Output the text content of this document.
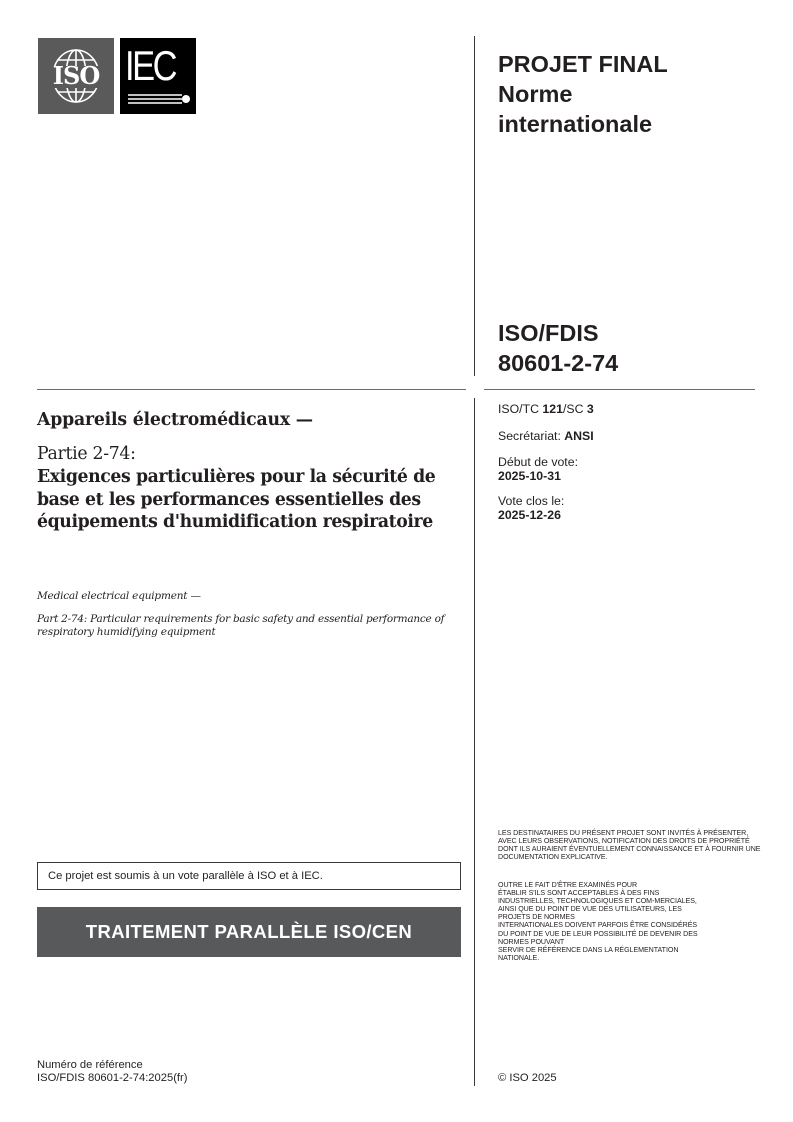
ISO IEC	PROJET FINAL
Norme
internationale
ISO/FDIS
80601-2-74
ISO/TC 121/SC 3
Secrétariat: ANSI
Début de vote:
2025-10-31
Vote clos le:
2025-12-26
Appareils électromédicaux —
Partie 2-74:
Exigences particulières pour la sécurité de base et les performances essentielles des équipements d'humidification respiratoire
Medical electrical equipment —
Part 2-74: Particular requirements for basic safety and essential performance of respiratory humidifying equipment
LES DESTINATAIRES DU PRÉSENT PROJET SONT INVITÉS À PRÉSENTER, AVEC LEURS OBSERVATIONS, NOTIFICATION DES DROITS DE PROPRIÉTÉ DONT ILS AURAIENT ÉVENTUELLEMENT CONNAISSANCE ET À FOURNIR UNE DOCUMENTATION EXPLICATIVE.
OUTRE LE FAIT D'ÊTRE EXAMINÉS POUR
ÉTABLIR S'ILS SONT ACCEPTABLES À DES FINS
INDUSTRIELLES, TECHNOLOGIQUES ET COM-MERCIALES,
AINSI QUE DU POINT DE VUE DES UTILISATEURS, LES
PROJETS DE NORMES
INTERNATIONALES DOIVENT PARFOIS ÊTRE CONSIDÉRÉS
DU POINT DE VUE DE LEUR POSSIBILITÉ DE DEVENIR DES
NORMES POUVANT
SERVIR DE RÉFÉRENCE DANS LA RÉGLEMENTATION
NATIONALE.
Ce projet est soumis à un vote parallèle à ISO et à IEC.
TRAITEMENT PARALLÈLE ISO/CEN
Numéro de référence
ISO/FDIS 80601-2-74:2025(fr)	© ISO 2025
